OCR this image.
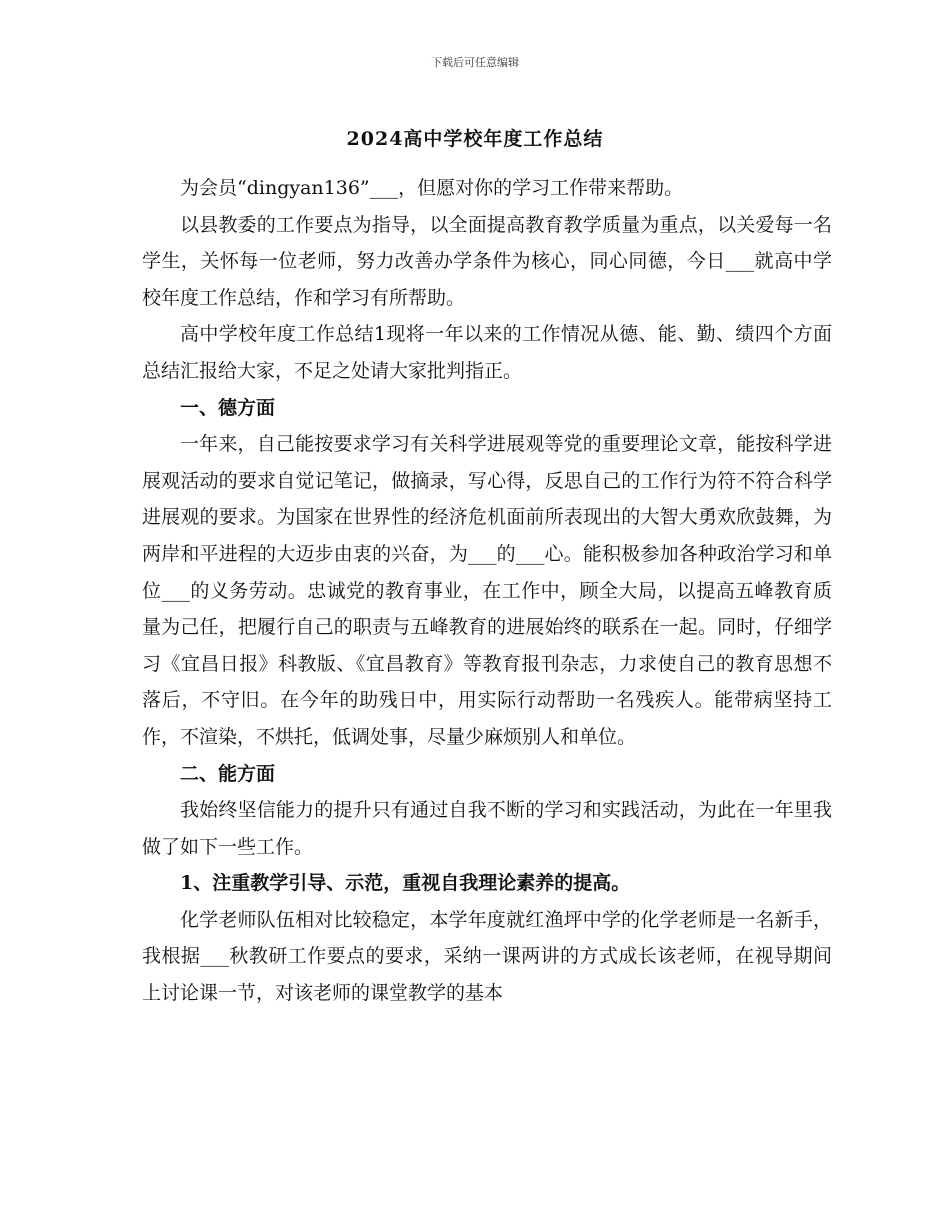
下载后可任意编辑
2024高中学校年度工作总结

为会员“dingyan136”___，但愿对你的学习工作带来帮助。

以县教委的工作要点为指导，以全面提高教育教学质量为重点，以关爱每一名学生，关怀每一位老师，努力改善办学条件为核心，同心同德，今日___就高中学校年度工作总结，作和学习有所帮助。

高中学校年度工作总结1现将一年以来的工作情况从德、能、勤、绩四个方面总结汇报给大家，不足之处请大家批判指正。

一、德方面

一年来，自己能按要求学习有关科学进展观等党的重要理论文章，能按科学进展观活动的要求自觉记笔记，做摘录，写心得，反思自己的工作行为符不符合科学进展观的要求。为国家在世界性的经济危机面前所表现出的大智大勇欢欣鼓舞，为两岸和平进程的大迈步由衷的兴奋，为___的___心。能积极参加各种政治学习和单位___的义务劳动。忠诚党的教育事业，在工作中，顾全大局，以提高五峰教育质量为己任，把履行自己的职责与五峰教育的进展始终的联系在一起。同时，仔细学习《宜昌日报》科教版、《宜昌教育》等教育报刊杂志，力求使自己的教育思想不落后，不守旧。在今年的助残日中，用实际行动帮助一名残疾人。能带病坚持工作，不渲染，不烘托，低调处事，尽量少麻烦别人和单位。

二、能方面

我始终坚信能力的提升只有通过自我不断的学习和实践活动，为此在一年里我做了如下一些工作。

1、注重教学引导、示范，重视自我理论素养的提高。

化学老师队伍相对比较稳定，本学年度就红渔坪中学的化学老师是一名新手，我根据___秋教研工作要点的要求，采纳一课两讲的方式成长该老师，在视导期间上讨论课一节，对该老师的课堂教学的基本
